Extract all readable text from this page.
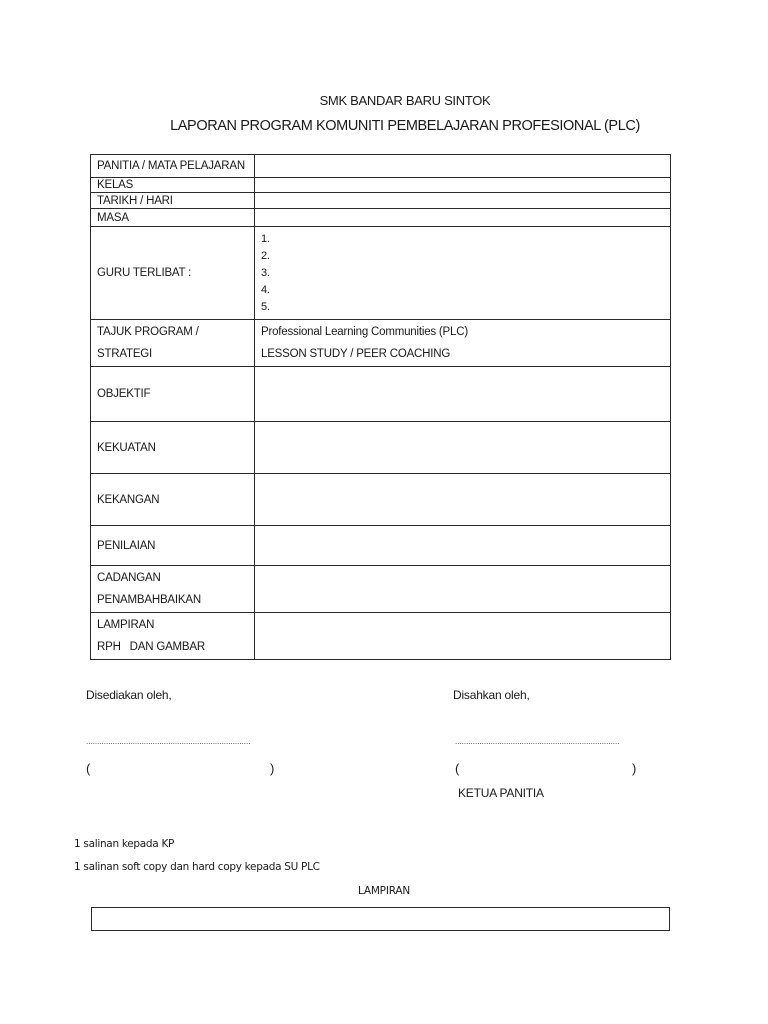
SMK BANDAR BARU SINTOK
LAPORAN PROGRAM KOMUNITI PEMBELAJARAN PROFESIONAL (PLC)
PANITIA / MATA PELAJARAN	
KELAS	
TARIKH / HARI	
MASA	
GURU TERLIBAT :	1.
2.
3.
4.
5.

TAJUK PROGRAM /
STRATEGI	Professional Learning Communities (PLC)
LESSON STUDY / PEER COACHING

OBJEKTIF	
KEKUATAN	
KEKANGAN	
PENILAIAN	

CADANGAN
PENAMBAHBAIKAN	

LAMPIRAN
RPH   DAN GAMBAR	

Disediakan oleh,	Disahkan oleh,
..........................................................................	..........................................................................
(	)	(	)
KETUA PANITIA
1 salinan kepada KP
1 salinan soft copy dan hard copy kepada SU PLC
LAMPIRAN
